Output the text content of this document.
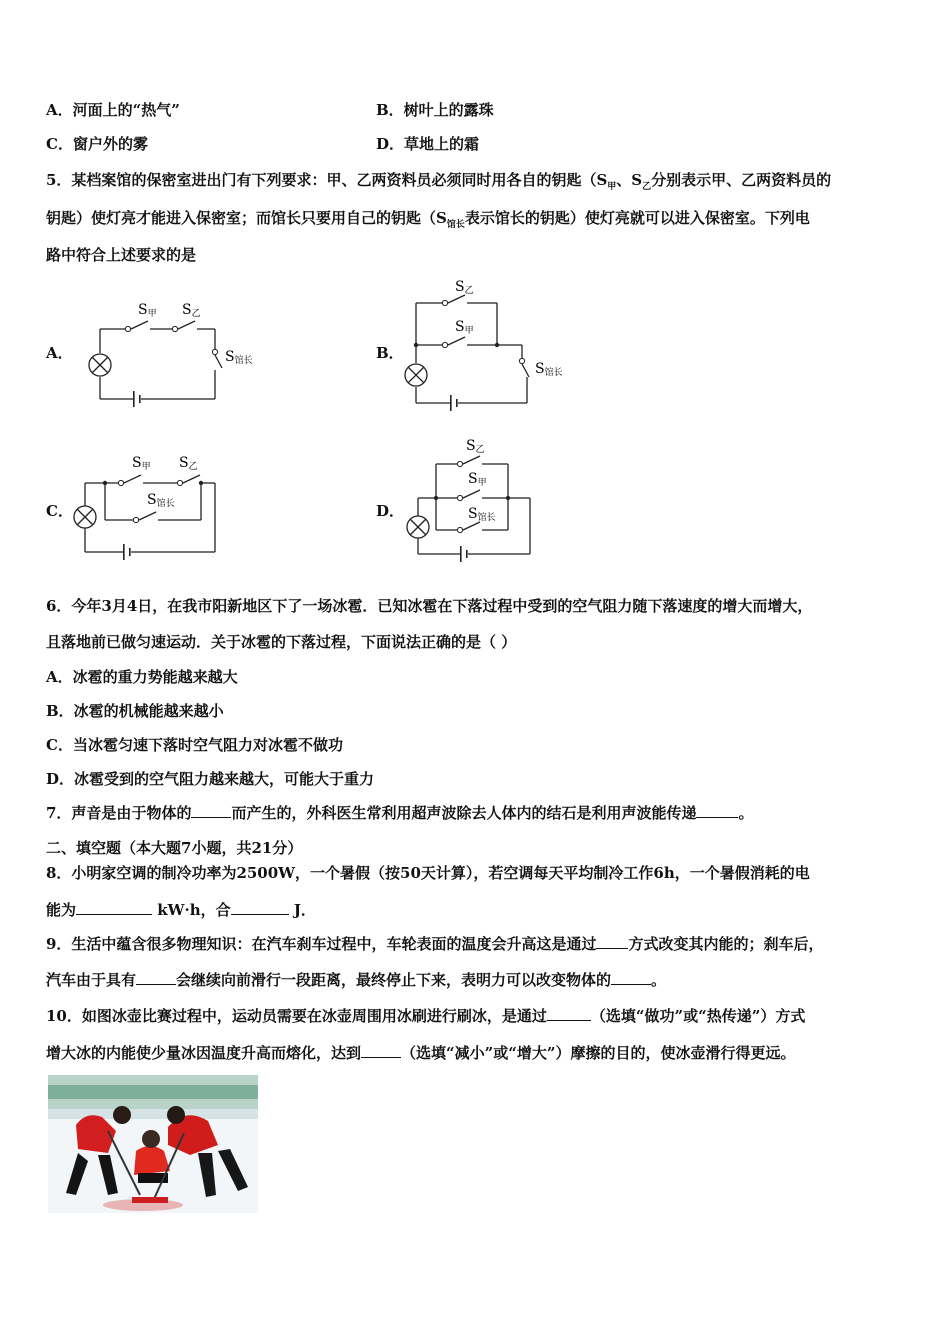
A．河面上的“热气”	B．树叶上的露珠
C．窗户外的雾	D．草地上的霜
5．某档案馆的保密室进出门有下列要求：甲、乙两资料员必须同时用各自的钥匙（$S_甲$、$S_乙$分别表示甲、乙两资料员的
钥匙）使灯亮才能进入保密室；而馆长只要用自己的钥匙（$S_{馆长}$表示馆长的钥匙）使灯亮就可以进入保密室。下列电
路中符合上述要求的是
A．	B．
C．	D．
S甲 S乙
S馆长
S乙
S甲
S馆长
S甲 S乙
S馆长
S乙
S甲
S馆长
6．今年3月4日，在我市阳新地区下了一场冰雹．已知冰雹在下落过程中受到的空气阻力随下落速度的增大而增大，
且落地前已做匀速运动．关于冰雹的下落过程，下面说法正确的是（ ）
A．冰雹的重力势能越来越大
B．冰雹的机械能越来越小
C．当冰雹匀速下落时空气阻力对冰雹不做功
D．冰雹受到的空气阻力越来越大，可能大于重力
7．声音是由于物体的	而产生的，外科医生常利用超声波除去人体内的结石是利用声波能传递	。
二、填空题（本大题7小题，共21分）
8．小明家空调的制冷功率为2500W，一个暑假（按50天计算），若空调每天平均制冷工作6h，一个暑假消耗的电
能为	kW·h，合	J．
9．生活中蕴含很多物理知识：在汽车刹车过程中，车轮表面的温度会升高这是通过 方式改变其内能的；刹车后，
汽车由于具有	会继续向前滑行一段距离，最终停止下来，表明力可以改变物体的	。
10．如图冰壶比赛过程中，运动员需要在冰壶周围用冰刷进行刷冰，是通过	（选填“做功”或“热传递”）方式
增大冰的内能使少量冰因温度升高而熔化，达到	（选填“减小”或“增大”）摩擦的目的，使冰壶滑行得更远。
